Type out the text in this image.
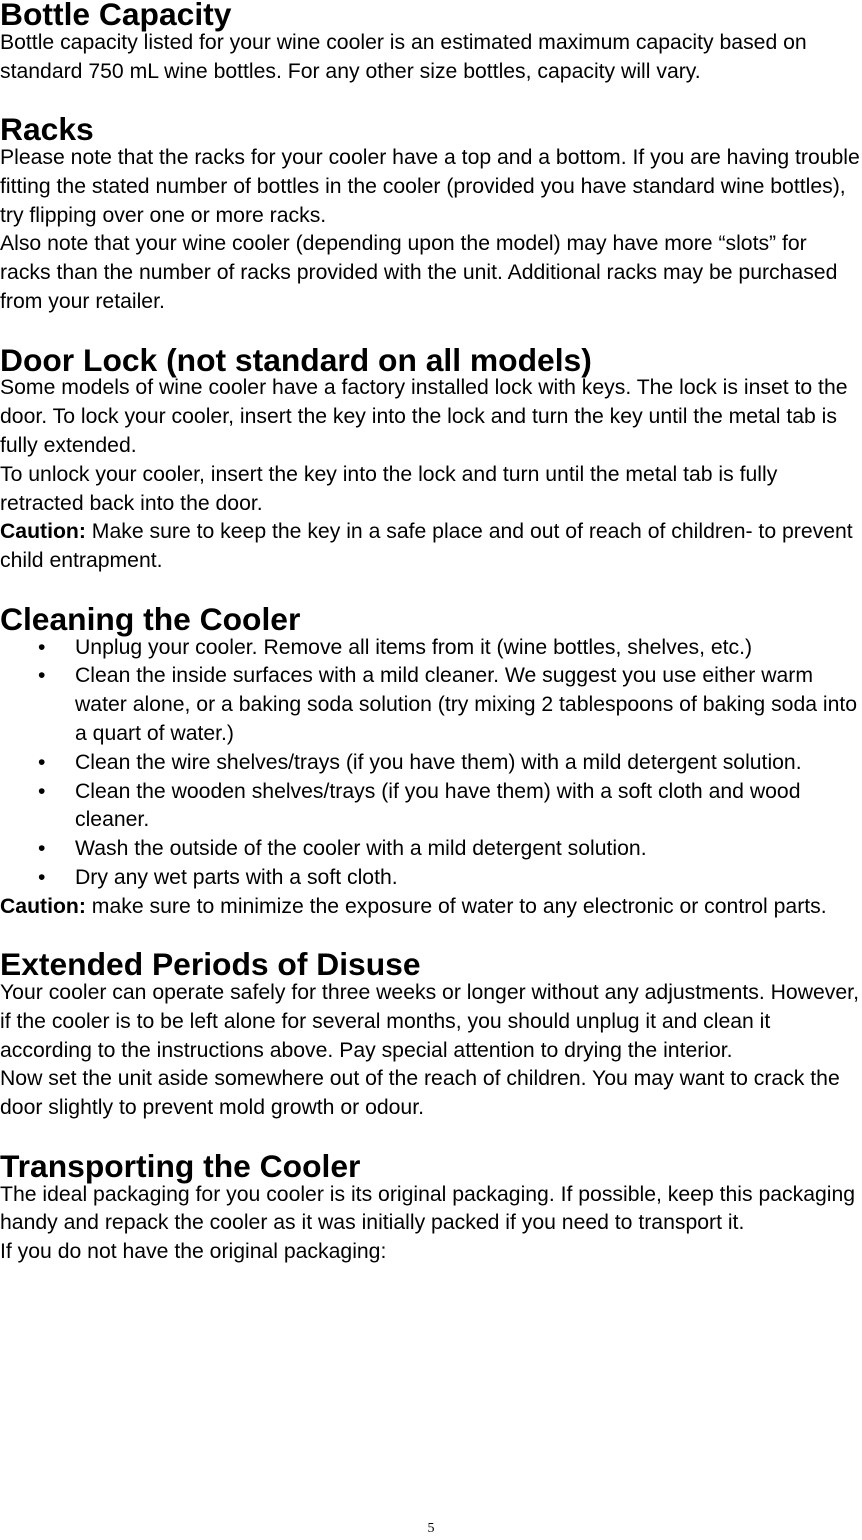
Bottle Capacity

Bottle capacity listed for your wine cooler is an estimated maximum capacity based on standard 750 mL wine bottles. For any other size bottles, capacity will vary.

Racks

Please note that the racks for your cooler have a top and a bottom. If you are having trouble fitting the stated number of bottles in the cooler (provided you have standard wine bottles), try flipping over one or more racks.

Also note that your wine cooler (depending upon the model) may have more “slots” for racks than the number of racks provided with the unit. Additional racks may be purchased from your retailer.

Door Lock (not standard on all models)

Some models of wine cooler have a factory installed lock with keys. The lock is inset to the door. To lock your cooler, insert the key into the lock and turn the key until the metal tab is fully extended.

To unlock your cooler, insert the key into the lock and turn until the metal tab is fully retracted back into the door.

Caution: Make sure to keep the key in a safe place and out of reach of children- to prevent child entrapment.

Cleaning the Cooler
• Unplug your cooler. Remove all items from it (wine bottles, shelves, etc.)
• Clean the inside surfaces with a mild cleaner. We suggest you use either warm water alone, or a baking soda solution (try mixing 2 tablespoons of baking soda into a quart of water.)
• Clean the wire shelves/trays (if you have them) with a mild detergent solution.
• Clean the wooden shelves/trays (if you have them) with a soft cloth and wood cleaner.
• Wash the outside of the cooler with a mild detergent solution.
• Dry any wet parts with a soft cloth.

Caution: make sure to minimize the exposure of water to any electronic or control parts.

Extended Periods of Disuse

Your cooler can operate safely for three weeks or longer without any adjustments. However, if the cooler is to be left alone for several months, you should unplug it and clean it according to the instructions above. Pay special attention to drying the interior.

Now set the unit aside somewhere out of the reach of children. You may want to crack the door slightly to prevent mold growth or odour.

Transporting the Cooler

The ideal packaging for you cooler is its original packaging. If possible, keep this packaging handy and repack the cooler as it was initially packed if you need to transport it.

If you do not have the original packaging:

5
